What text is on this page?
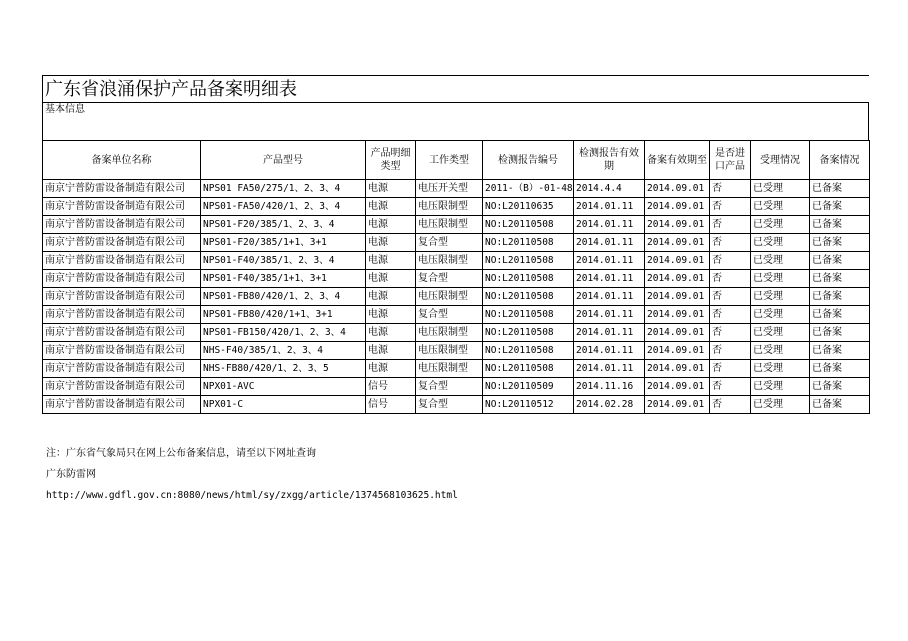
广东省浪涌保护产品备案明细表
基本信息
备案单位名称	产品型号	产品明细类型	工作类型	检测报告编号	检测报告有效期	备案有效期至	是否进口产品	受理情况	备案情况
南京宁普防雷设备制造有限公司	NPS01 FA50/275/1、2、3、4	电源	电压开关型	2011-（B）-01-48	2014.4.4	2014.09.01	否	已受理	已备案
南京宁普防雷设备制造有限公司	NPS01-FA50/420/1、2、3、4	电源	电压限制型	NO:L20110635	2014.01.11	2014.09.01	否	已受理	已备案
南京宁普防雷设备制造有限公司	NPS01-F20/385/1、2、3、4	电源	电压限制型	NO:L20110508	2014.01.11	2014.09.01	否	已受理	已备案
南京宁普防雷设备制造有限公司	NPS01-F20/385/1+1、3+1	电源	复合型	NO:L20110508	2014.01.11	2014.09.01	否	已受理	已备案
南京宁普防雷设备制造有限公司	NPS01-F40/385/1、2、3、4	电源	电压限制型	NO:L20110508	2014.01.11	2014.09.01	否	已受理	已备案
南京宁普防雷设备制造有限公司	NPS01-F40/385/1+1、3+1	电源	复合型	NO:L20110508	2014.01.11	2014.09.01	否	已受理	已备案
南京宁普防雷设备制造有限公司	NPS01-FB80/420/1、2、3、4	电源	电压限制型	NO:L20110508	2014.01.11	2014.09.01	否	已受理	已备案
南京宁普防雷设备制造有限公司	NPS01-FB80/420/1+1、3+1	电源	复合型	NO:L20110508	2014.01.11	2014.09.01	否	已受理	已备案
南京宁普防雷设备制造有限公司	NPS01-FB150/420/1、2、3、4	电源	电压限制型	NO:L20110508	2014.01.11	2014.09.01	否	已受理	已备案
南京宁普防雷设备制造有限公司	NHS-F40/385/1、2、3、4	电源	电压限制型	NO:L20110508	2014.01.11	2014.09.01	否	已受理	已备案
南京宁普防雷设备制造有限公司	NHS-FB80/420/1、2、3、5	电源	电压限制型	NO:L20110508	2014.01.11	2014.09.01	否	已受理	已备案
南京宁普防雷设备制造有限公司	NPX01-AVC	信号	复合型	NO:L20110509	2014.11.16	2014.09.01	否	已受理	已备案
南京宁普防雷设备制造有限公司	NPX01-C	信号	复合型	NO:L20110512	2014.02.28	2014.09.01	否	已受理	已备案
注：广东省气象局只在网上公布备案信息，请至以下网址查询
广东防雷网
http://www.gdfl.gov.cn:8080/news/html/sy/zxgg/article/1374568103625.html
